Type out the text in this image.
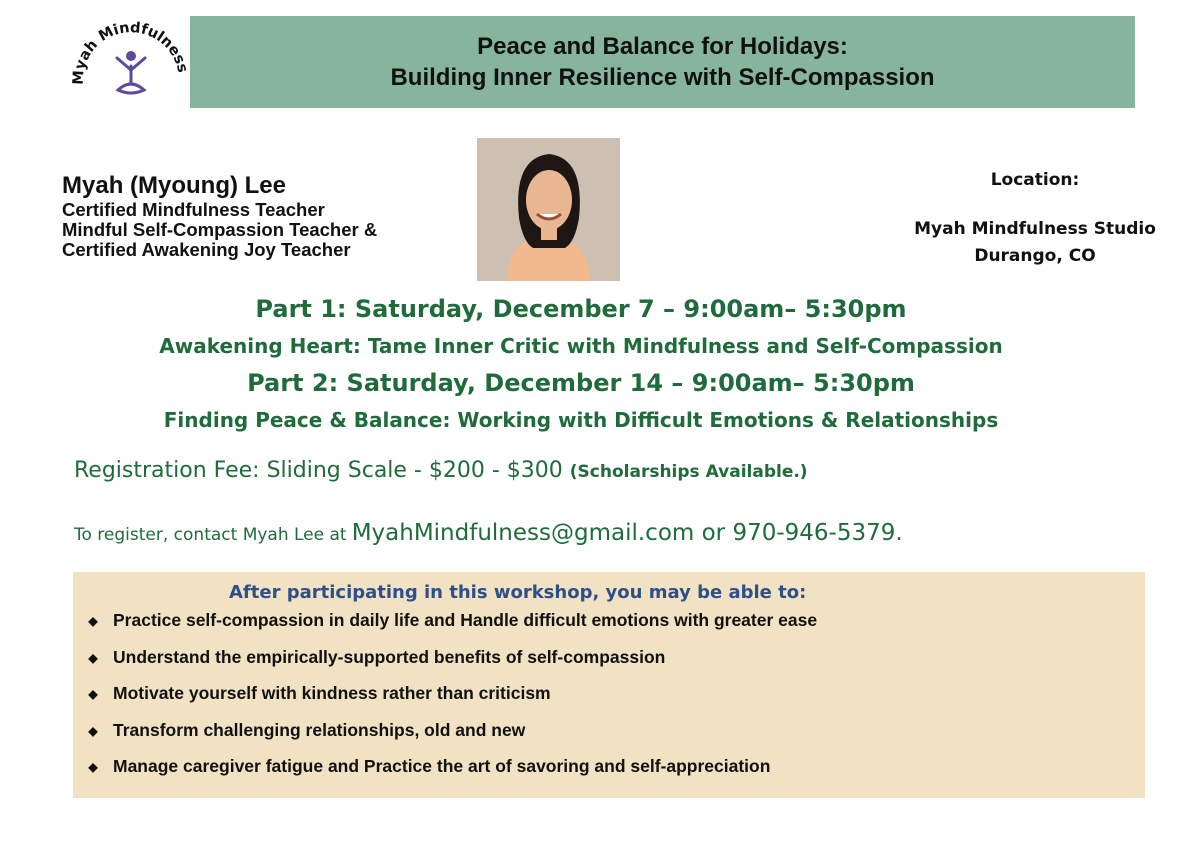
Myah Mindfulness
Peace and Balance for Holidays:
Building Inner Resilience with Self-Compassion
Myah (Myoung) Lee
Certified Mindfulness Teacher
Mindful Self-Compassion Teacher &
Certified Awakening Joy Teacher
Location:
Myah Mindfulness Studio
Durango, CO
Part 1: Saturday, December 7 – 9:00am– 5:30pm
Awakening Heart: Tame Inner Critic with Mindfulness and Self-Compassion
Part 2: Saturday, December 14 – 9:00am– 5:30pm
Finding Peace & Balance: Working with Difficult Emotions & Relationships
Registration Fee: Sliding Scale - $200 - $300 (Scholarships Available.)
To register, contact Myah Lee at MyahMindfulness@gmail.com or 970-946-5379.
After participating in this workshop, you may be able to:
◆ Practice self-compassion in daily life and Handle difficult emotions with greater ease
◆ Understand the empirically-supported benefits of self-compassion
◆ Motivate yourself with kindness rather than criticism
◆ Transform challenging relationships, old and new
◆ Manage caregiver fatigue and Practice the art of savoring and self-appreciation
